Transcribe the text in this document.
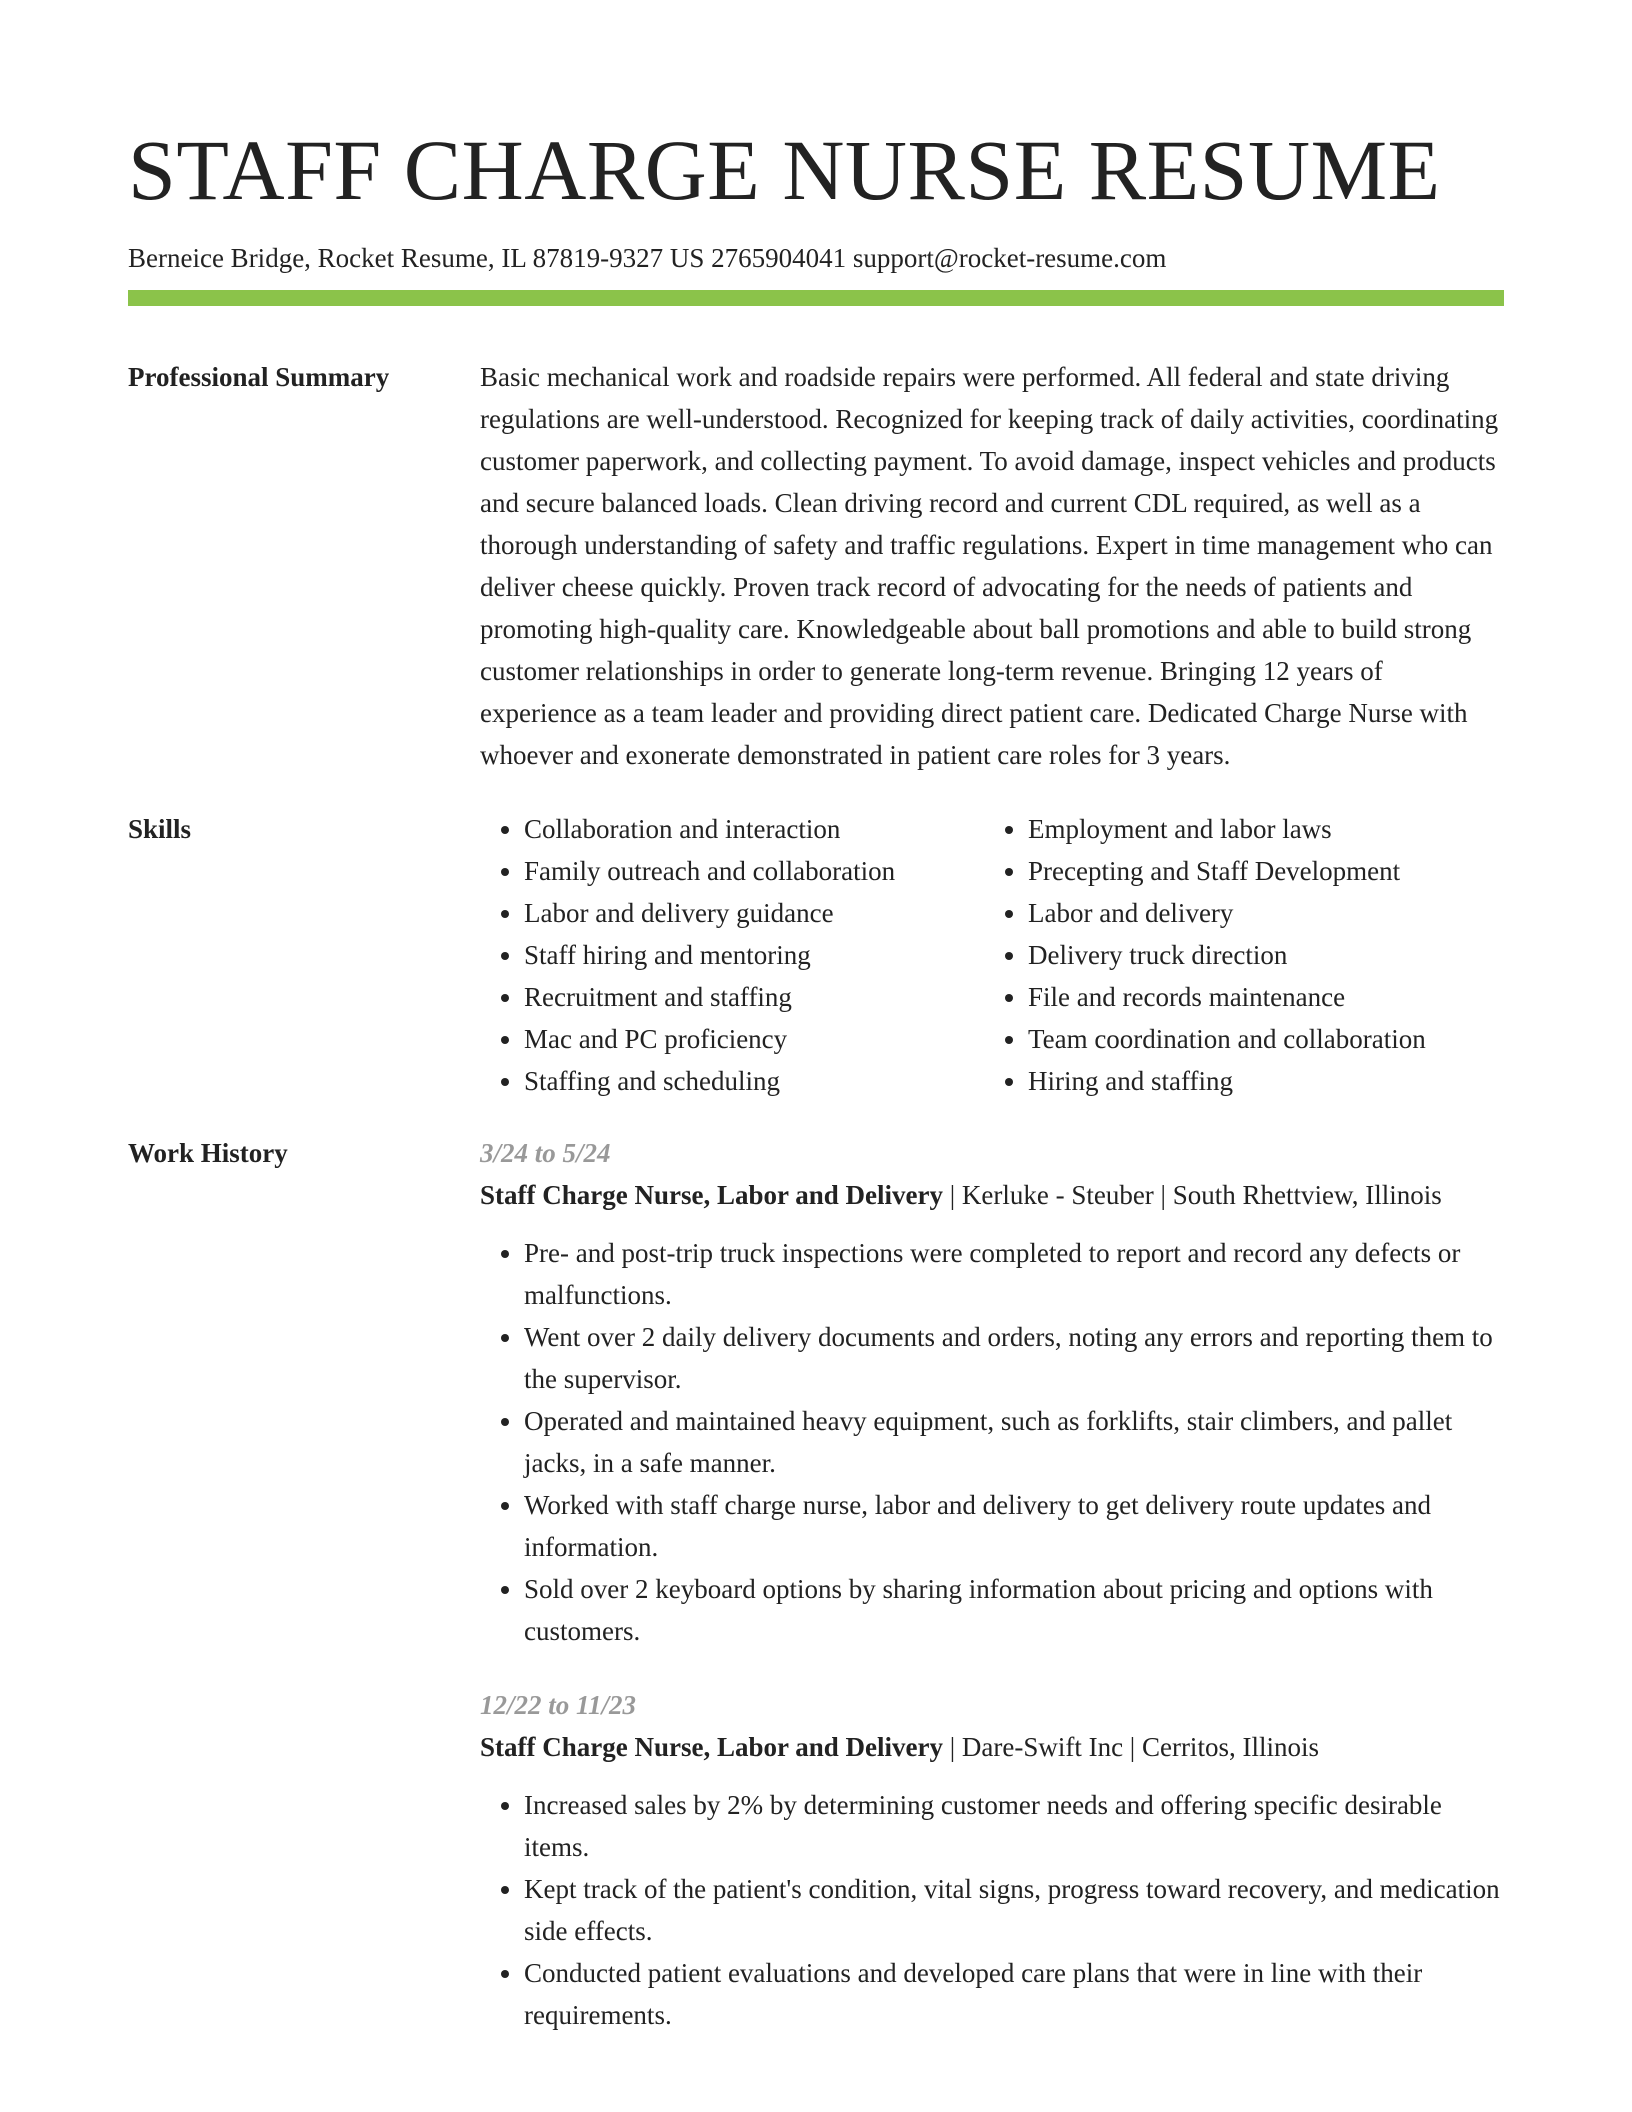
STAFF CHARGE NURSE RESUME
Berneice Bridge, Rocket Resume, IL 87819-9327 US 2765904041 support@rocket-resume.com
Professional Summary	Basic mechanical work and roadside repairs were performed. All federal and state driving regulations are well-understood. Recognized for keeping track of daily activities, coordinating customer paperwork, and collecting payment. To avoid damage, inspect vehicles and products and secure balanced loads. Clean driving record and current CDL required, as well as a thorough understanding of safety and traffic regulations. Expert in time management who can deliver cheese quickly. Proven track record of advocating for the needs of patients and promoting high-quality care. Knowledgeable about ball promotions and able to build strong customer relationships in order to generate long-term revenue. Bringing 12 years of experience as a team leader and providing direct patient care. Dedicated Charge Nurse with whoever and exonerate demonstrated in patient care roles for 3 years.
Skills
•	Collaboration and interaction
• Family outreach and collaboration
• Labor and delivery guidance
• Staff hiring and mentoring
• Recruitment and staffing
• Mac and PC proficiency
• Staffing and scheduling
• Employment and labor laws
• Precepting and Staff Development
• Labor and delivery
• Delivery truck direction
• File and records maintenance
• Team coordination and collaboration
• Hiring and staffing
Work History	3/24 to 5/24
Staff Charge Nurse, Labor and Delivery | Kerluke - Steuber | South Rhettview, Illinois
• Pre- and post-trip truck inspections were completed to report and record any defects or malfunctions.
• Went over 2 daily delivery documents and orders, noting any errors and reporting them to the supervisor.
• Operated and maintained heavy equipment, such as forklifts, stair climbers, and pallet jacks, in a safe manner.
• Worked with staff charge nurse, labor and delivery to get delivery route updates and information.
• Sold over 2 keyboard options by sharing information about pricing and options with customers.
12/22 to 11/23
Staff Charge Nurse, Labor and Delivery | Dare-Swift Inc | Cerritos, Illinois
• Increased sales by 2% by determining customer needs and offering specific desirable items.
• Kept track of the patient's condition, vital signs, progress toward recovery, and medication side effects.
• Conducted patient evaluations and developed care plans that were in line with their requirements.
